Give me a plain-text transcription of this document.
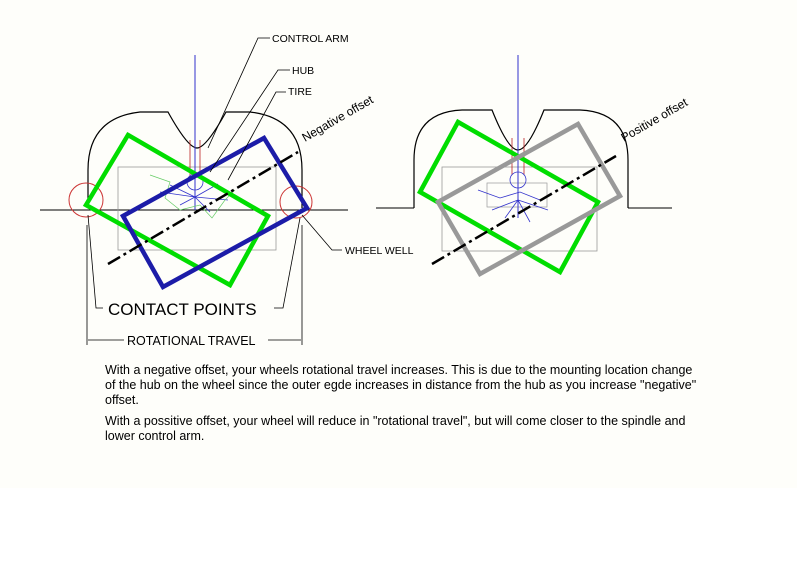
CONTROL ARM
HUB
TIRE
WHEEL WELL
Negative offset	Positive offset
CONTACT POINTS
ROTATIONAL TRAVEL

With a negative offset, your wheels rotational travel increases. This is due to the mounting location change of the hub on the wheel since the outer egde increases in distance from the hub as you increase "negative" offset.

With a possitive offset, your wheel will reduce in "rotational travel", but will come closer to the spindle and lower control arm.
